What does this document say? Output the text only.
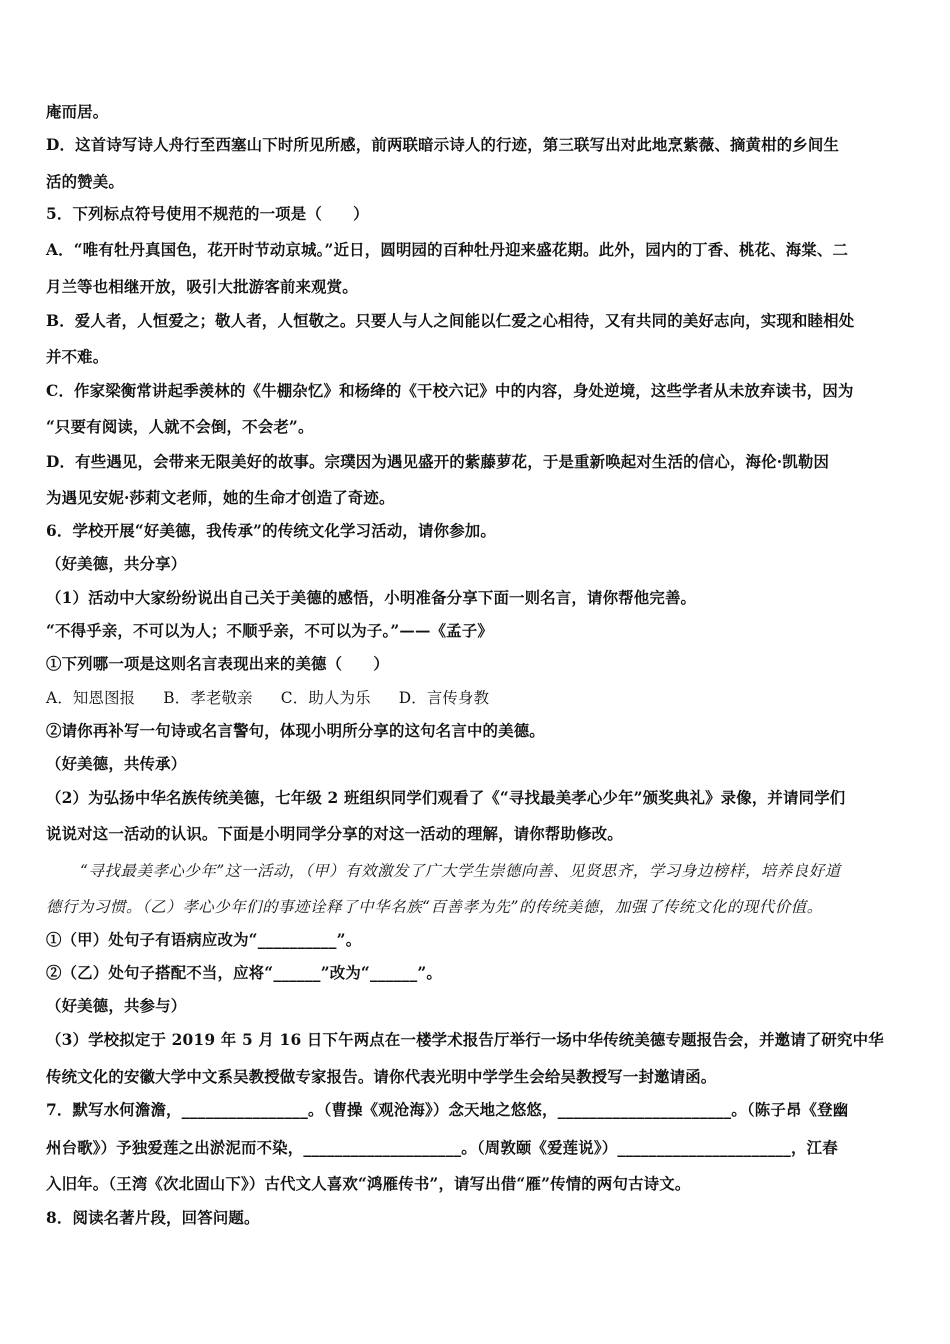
庵而居。
D．这首诗写诗人舟行至西塞山下时所见所感，前两联暗示诗人的行迹，第三联写出对此地烹紫薇、摘黄柑的乡间生
活的赞美。
5．下列标点符号使用不规范的一项是（　　）
A．“唯有牡丹真国色，花开时节动京城。”近日，圆明园的百种牡丹迎来盛花期。此外，园内的丁香、桃花、海棠、二
月兰等也相继开放，吸引大批游客前来观赏。
B．爱人者，人恒爱之；敬人者，人恒敬之。只要人与人之间能以仁爱之心相待，又有共同的美好志向，实现和睦相处
并不难。
C．作家梁衡常讲起季羡林的《牛棚杂忆》和杨绛的《干校六记》中的内容，身处逆境，这些学者从未放弃读书，因为
“只要有阅读，人就不会倒，不会老”。
D．有些遇见，会带来无限美好的故事。宗璞因为遇见盛开的紫藤萝花，于是重新唤起对生活的信心，海伦·凯勒因
为遇见安妮·莎莉文老师，她的生命才创造了奇迹。
6．学校开展“好美德，我传承”的传统文化学习活动，请你参加。
（好美德，共分享）
（1）活动中大家纷纷说出自己关于美德的感悟，小明准备分享下面一则名言，请你帮他完善。
“不得乎亲，不可以为人；不顺乎亲，不可以为子。”——《孟子》
①下列哪一项是这则名言表现出来的美德（　　）
A．知恩图报 B．孝老敬亲 C．助人为乐 D．言传身教
②请你再补写一句诗或名言警句，体现小明所分享的这句名言中的美德。
（好美德，共传承）
（2）为弘扬中华名族传统美德，七年级 2 班组织同学们观看了《“寻找最美孝心少年”颁奖典礼》录像，并请同学们
说说对这一活动的认识。下面是小明同学分享的对这一活动的理解，请你帮助修改。
“寻找最美孝心少年”这一活动，（甲）有效激发了广大学生崇德向善、见贤思齐，学习身边榜样，培养良好道
德行为习惯。（乙）孝心少年们的事迹诠释了中华名族“百善孝为先”的传统美德，加强了传统文化的现代价值。
①（甲）处句子有语病应改为“__________”。
②（乙）处句子搭配不当，应将“______”改为“______”。
（好美德，共参与）
（3）学校拟定于 2019 年 5 月 16 日下午两点在一楼学术报告厅举行一场中华传统美德专题报告会，并邀请了研究中华
传统文化的安徽大学中文系吴教授做专家报告。请你代表光明中学学生会给吴教授写一封邀请函。
7．默写水何澹澹，________________。（曹操《观沧海》）念天地之悠悠，______________________。（陈子昂《登幽
州台歌》）予独爱莲之出淤泥而不染，____________________。（周敦颐《爱莲说》）______________________，江春
入旧年。（王湾《次北固山下》）古代文人喜欢“鸿雁传书”，请写出借“雁”传情的两句古诗文。
8．阅读名著片段，回答问题。
